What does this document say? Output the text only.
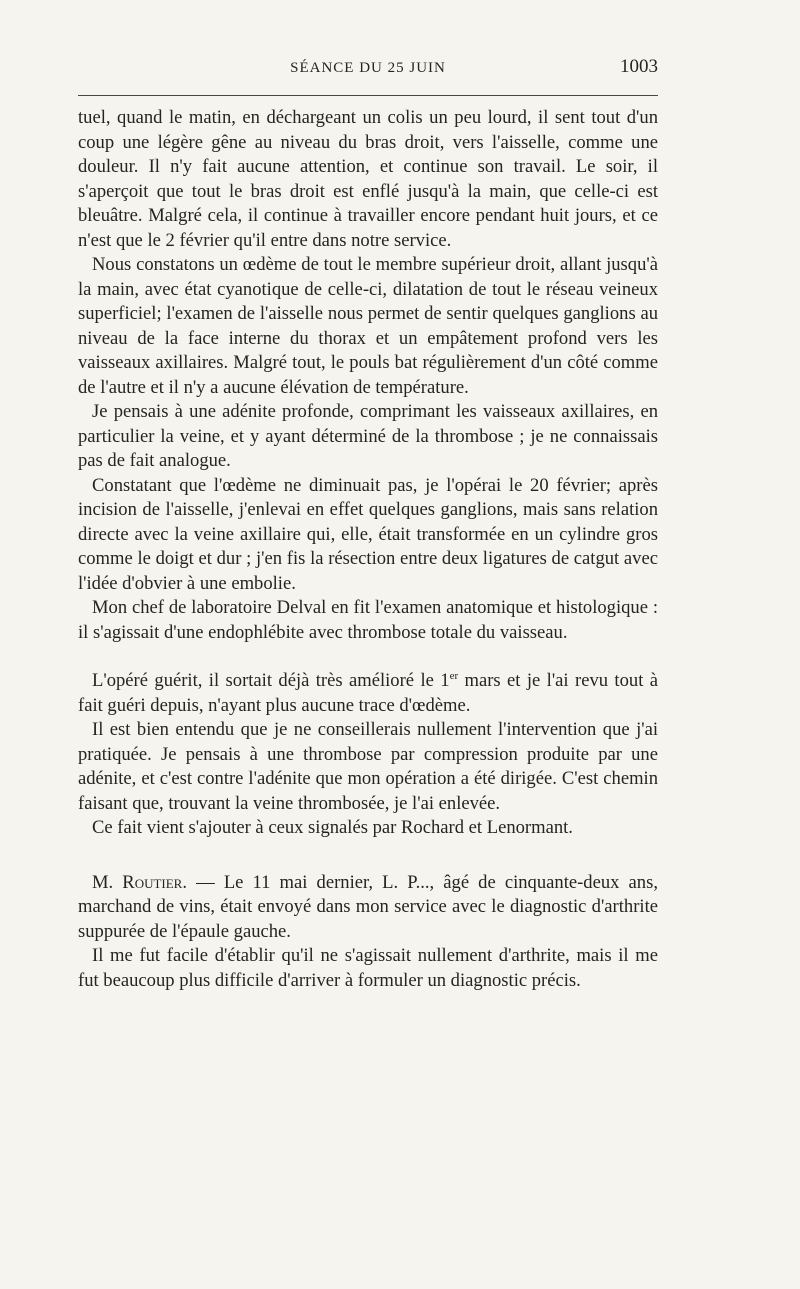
SÉANCE DU 25 JUIN	1003

tuel, quand le matin, en déchargeant un colis un peu lourd, il sent tout d'un coup une légère gêne au niveau du bras droit, vers l'aisselle, comme une douleur. Il n'y fait aucune attention, et continue son travail. Le soir, il s'aperçoit que tout le bras droit est enflé jusqu'à la main, que celle-ci est bleuâtre. Malgré cela, il continue à travailler encore pendant huit jours, et ce n'est que le 2 février qu'il entre dans notre service.

Nous constatons un œdème de tout le membre supérieur droit, allant jusqu'à la main, avec état cyanotique de celle-ci, dilatation de tout le réseau veineux superficiel; l'examen de l'aisselle nous permet de sentir quelques ganglions au niveau de la face interne du thorax et un empâtement profond vers les vaisseaux axillaires. Malgré tout, le pouls bat régulièrement d'un côté comme de l'autre et il n'y a aucune élévation de température.

Je pensais à une adénite profonde, comprimant les vaisseaux axillaires, en particulier la veine, et y ayant déterminé de la thrombose ; je ne connaissais pas de fait analogue.

Constatant que l'œdème ne diminuait pas, je l'opérai le 20 février; après incision de l'aisselle, j'enlevai en effet quelques ganglions, mais sans relation directe avec la veine axillaire qui, elle, était transformée en un cylindre gros comme le doigt et dur ; j'en fis la résection entre deux ligatures de catgut avec l'idée d'obvier à une embolie.

Mon chef de laboratoire Delval en fit l'examen anatomique et histologique : il s'agissait d'une endophlébite avec thrombose totale du vaisseau.

L'opéré guérit, il sortait déjà très amélioré le 1er mars et je l'ai revu tout à fait guéri depuis, n'ayant plus aucune trace d'œdème.

Il est bien entendu que je ne conseillerais nullement l'intervention que j'ai pratiquée. Je pensais à une thrombose par compression produite par une adénite, et c'est contre l'adénite que mon opération a été dirigée. C'est chemin faisant que, trouvant la veine thrombosée, je l'ai enlevée.

Ce fait vient s'ajouter à ceux signalés par Rochard et Lenormant.

M. Routier. — Le 11 mai dernier, L. P..., âgé de cinquante-deux ans, marchand de vins, était envoyé dans mon service avec le diagnostic d'arthrite suppurée de l'épaule gauche.

Il me fut facile d'établir qu'il ne s'agissait nullement d'arthrite, mais il me fut beaucoup plus difficile d'arriver à formuler un diagnostic précis.
